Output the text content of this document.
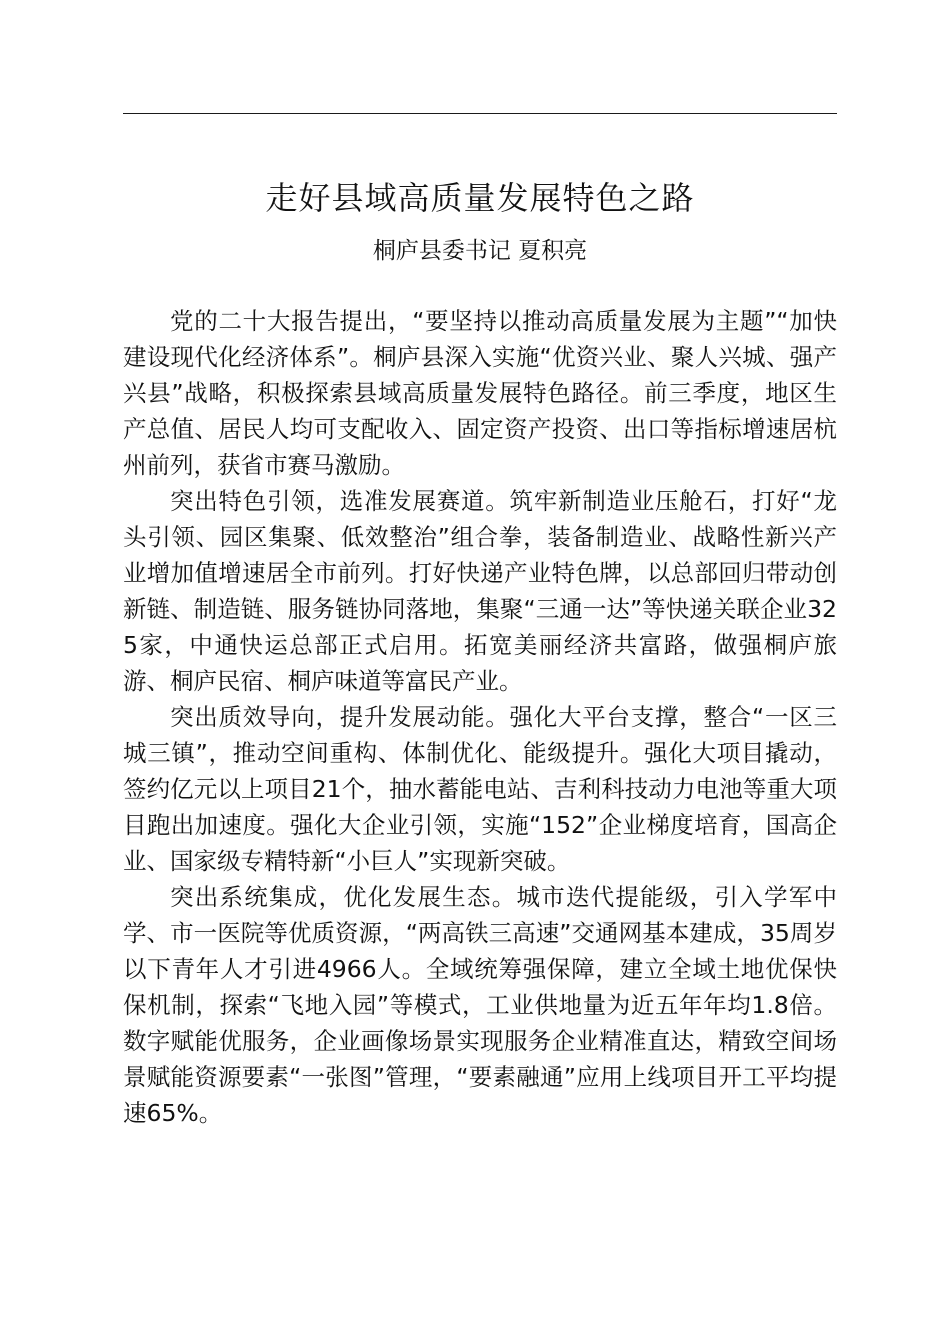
走好县域高质量发展特色之路
桐庐县委书记 夏积亮

党的二十大报告提出，“要坚持以推动高质量发展为主题”“加快建设现代化经济体系”。桐庐县深入实施“优资兴业、聚人兴城、强产兴县”战略，积极探索县域高质量发展特色路径。前三季度，地区生产总值、居民人均可支配收入、固定资产投资、出口等指标增速居杭州前列，获省市赛马激励。

突出特色引领，选准发展赛道。筑牢新制造业压舱石，打好“龙头引领、园区集聚、低效整治”组合拳，装备制造业、战略性新兴产业增加值增速居全市前列。打好快递产业特色牌，以总部回归带动创新链、制造链、服务链协同落地，集聚“三通一达”等快递关联企业325家，中通快运总部正式启用。拓宽美丽经济共富路，做强桐庐旅游、桐庐民宿、桐庐味道等富民产业。

突出质效导向，提升发展动能。强化大平台支撑，整合“一区三城三镇”，推动空间重构、体制优化、能级提升。强化大项目撬动，签约亿元以上项目21个，抽水蓄能电站、吉利科技动力电池等重大项目跑出加速度。强化大企业引领，实施“152”企业梯度培育，国高企业、国家级专精特新“小巨人”实现新突破。

突出系统集成，优化发展生态。城市迭代提能级，引入学军中学、市一医院等优质资源，“两高铁三高速”交通网基本建成，35周岁以下青年人才引进4966人。全域统筹强保障，建立全域土地优保快保机制，探索“飞地入园”等模式，工业供地量为近五年年均1.8倍。数字赋能优服务，企业画像场景实现服务企业精准直达，精致空间场景赋能资源要素“一张图”管理，“要素融通”应用上线项目开工平均提速65%。
